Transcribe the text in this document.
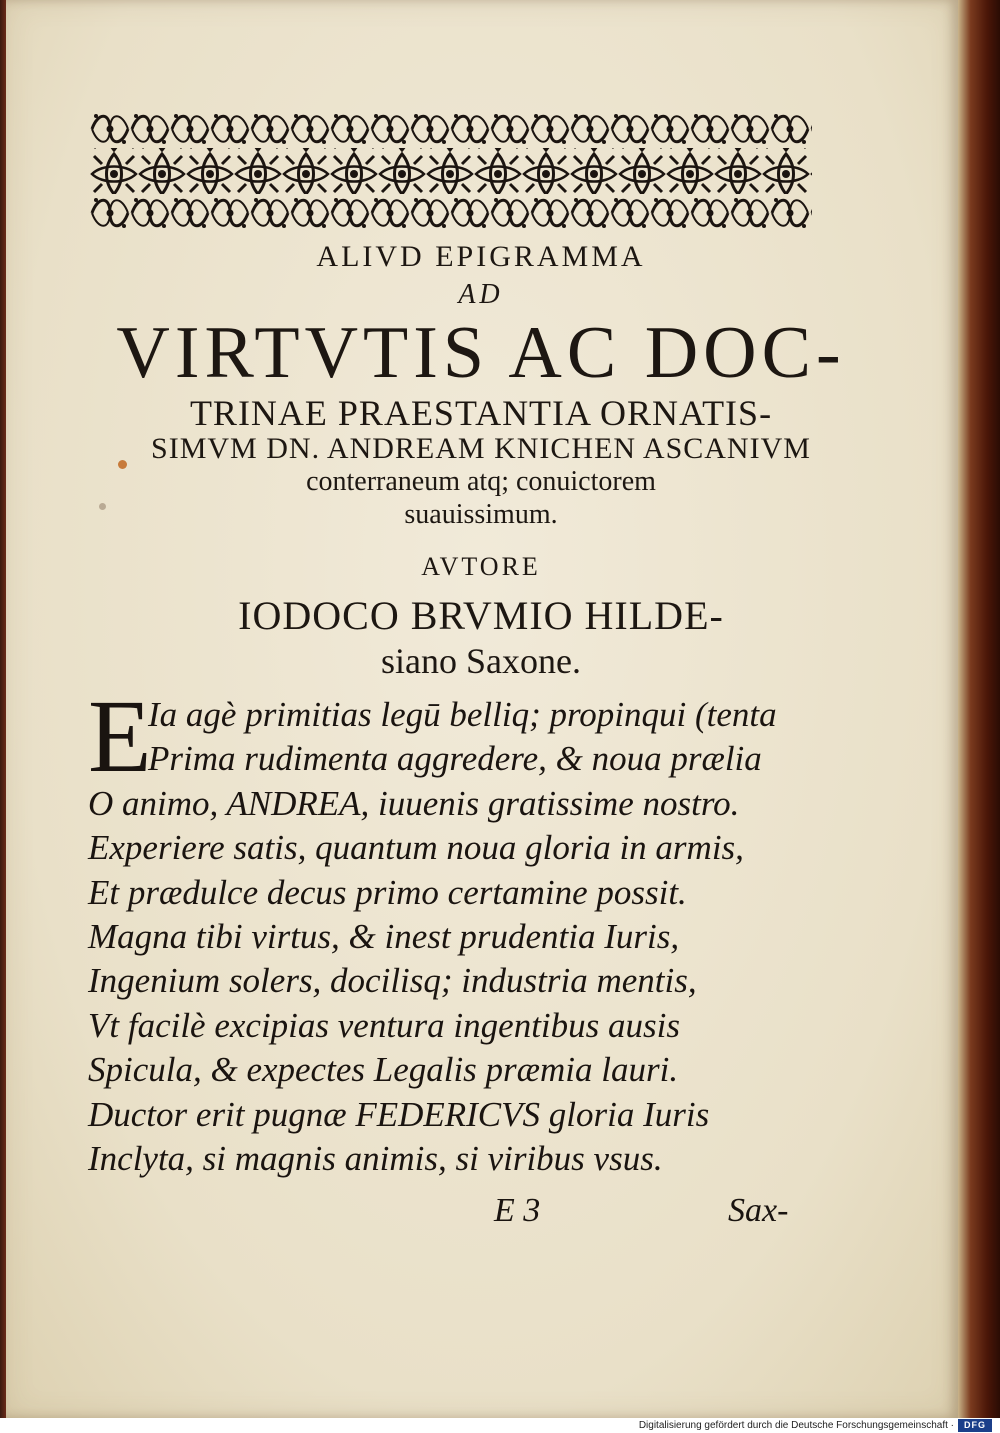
ALIVD EPIGRAMMA
AD
VIRTVTIS AC DOC-
TRINAE PRAESTANTIA ORNATIS-
SIMVM DN. ANDREAM KNICHEN ASCANIVM
conterraneum atq; conuictorem
suauissimum.
AVTORE
IODOCO BRVMIO HILDE-
siano Saxone.
E
Ia agè primitias legū belliq; propinqui (tenta
Prima rudimenta aggredere, & noua prælia
O animo, ANDREA, iuuenis gratissime nostro.
Experiere satis, quantum noua gloria in armis,
Et prædulce decus primo certamine possit.
Magna tibi virtus, & inest prudentia Iuris,
Ingenium solers, docilisq; industria mentis,
Vt facilè excipias ventura ingentibus ausis
Spicula, & expectes Legalis præmia lauri.
Ductor erit pugnæ FEDERICVS gloria Iuris
Inclyta, si magnis animis, si viribus vsus.
E 3	Sax-
Digitalisierung gefördert durch die Deutsche Forschungsgemeinschaft ·	DFG
